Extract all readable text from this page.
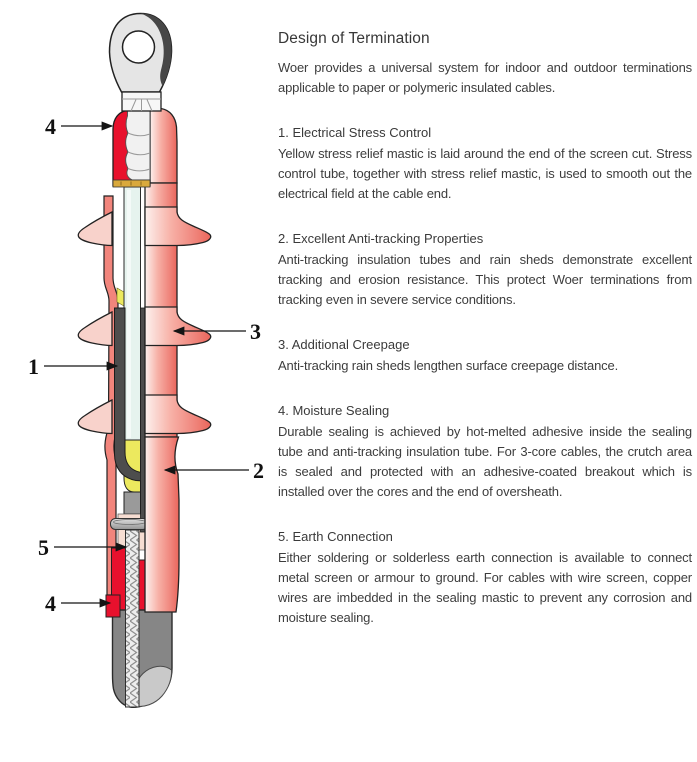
4
1
3
2
5
4
Design of Termination

Woer provides a universal system for indoor and outdoor terminations applicable to paper or polymeric insulated cables.

1. Electrical Stress Control

Yellow stress relief mastic is laid around the end of the screen cut. Stress control tube, together with stress relief mastic, is used to smooth out the electrical field at the cable end.

2. Excellent Anti-tracking Properties

Anti-tracking insulation tubes and rain sheds demonstrate excellent tracking and erosion resistance. This protect Woer terminations from tracking even in severe service conditions.

3. Additional Creepage

Anti-tracking rain sheds lengthen surface creepage distance.

4. Moisture Sealing

Durable sealing is achieved by hot-melted adhesive inside the sealing tube and anti-tracking insulation tube. For 3-core cables, the crutch area is sealed and protected with an adhesive-coated breakout which is installed over the cores and the end of oversheath.

5. Earth Connection

Either soldering or solderless earth connection is available to connect metal screen or armour to ground. For cables with wire screen, copper wires are imbedded in the sealing mastic to prevent any corrosion and moisture sealing.
